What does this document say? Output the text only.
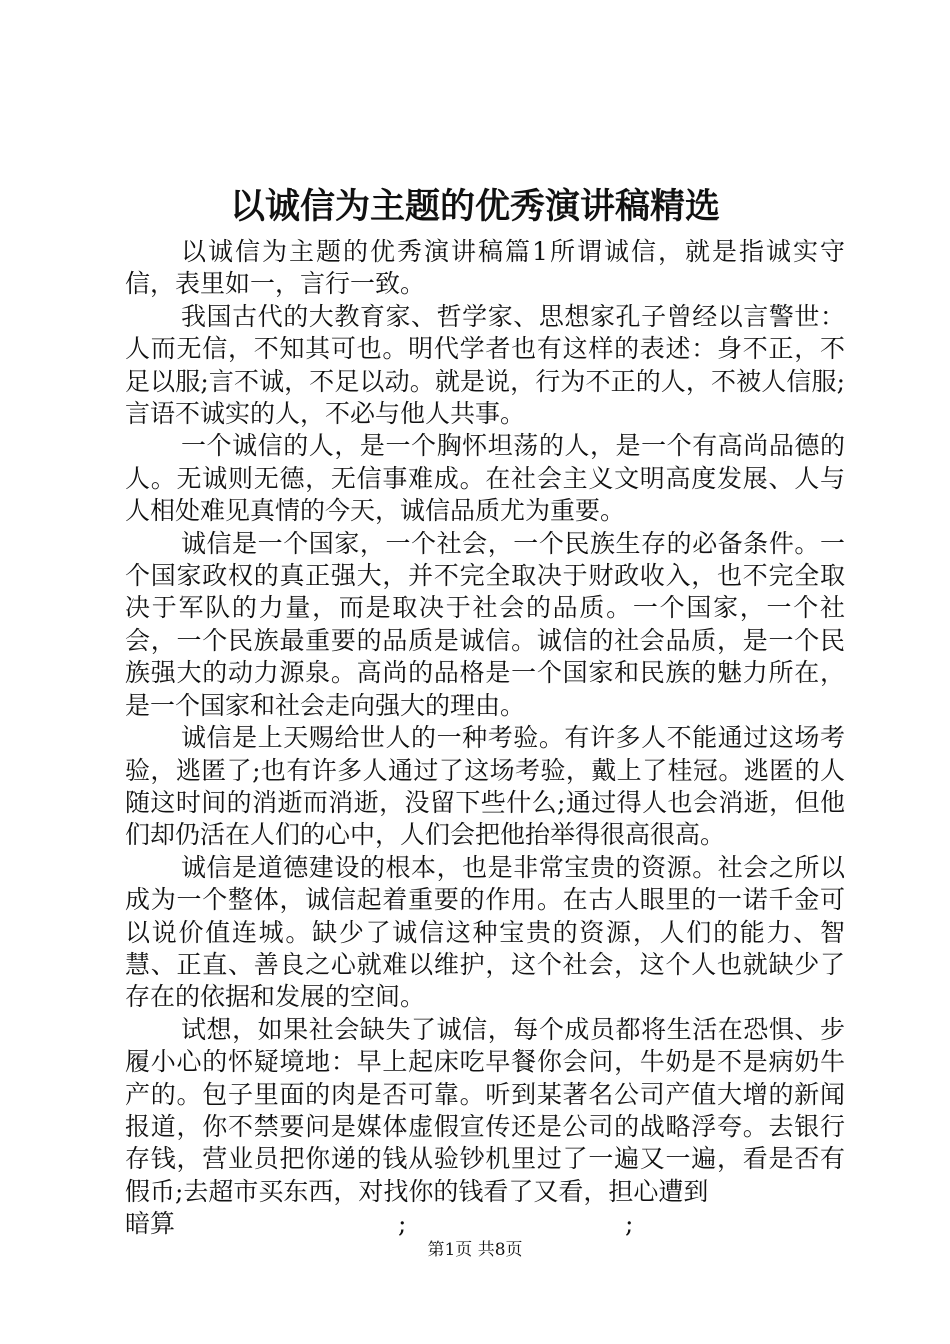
以诚信为主题的优秀演讲稿精选

以诚信为主题的优秀演讲稿篇1所谓诚信，就是指诚实守信，表里如一，言行一致。

我国古代的大教育家、哲学家、思想家孔子曾经以言警世：人而无信，不知其可也。明代学者也有这样的表述：身不正，不足以服;言不诚，不足以动。就是说，行为不正的人，不被人信服;言语不诚实的人，不必与他人共事。

一个诚信的人，是一个胸怀坦荡的人，是一个有高尚品德的人。无诚则无德，无信事难成。在社会主义文明高度发展、人与人相处难见真情的今天，诚信品质尤为重要。

诚信是一个国家，一个社会，一个民族生存的必备条件。一个国家政权的真正强大，并不完全取决于财政收入，也不完全取决于军队的力量，而是取决于社会的品质。一个国家，一个社会，一个民族最重要的品质是诚信。诚信的社会品质，是一个民族强大的动力源泉。高尚的品格是一个国家和民族的魅力所在，是一个国家和社会走向强大的理由。

诚信是上天赐给世人的一种考验。有许多人不能通过这场考验，逃匿了;也有许多人通过了这场考验，戴上了桂冠。逃匿的人随这时间的消逝而消逝，没留下些什么;通过得人也会消逝，但他们却仍活在人们的心中，人们会把他抬举得很高很高。

诚信是道德建设的根本，也是非常宝贵的资源。社会之所以成为一个整体，诚信起着重要的作用。在古人眼里的一诺千金可以说价值连城。缺少了诚信这种宝贵的资源，人们的能力、智慧、正直、善良之心就难以维护，这个社会，这个人也就缺少了存在的依据和发展的空间。

试想，如果社会缺失了诚信，每个成员都将生活在恐惧、步履小心的怀疑境地：早上起床吃早餐你会问，牛奶是不是病奶牛产的。包子里面的肉是否可靠。听到某著名公司产值大增的新闻报道，你不禁要问是媒体虚假宣传还是公司的战略浮夸。去银行存钱，营业员把你递的钱从验钞机里过了一遍又一遍，看是否有假币;去超市买东西，对找你的钱看了又看，担心遭到

暗算	;	;
第1页 共8页
